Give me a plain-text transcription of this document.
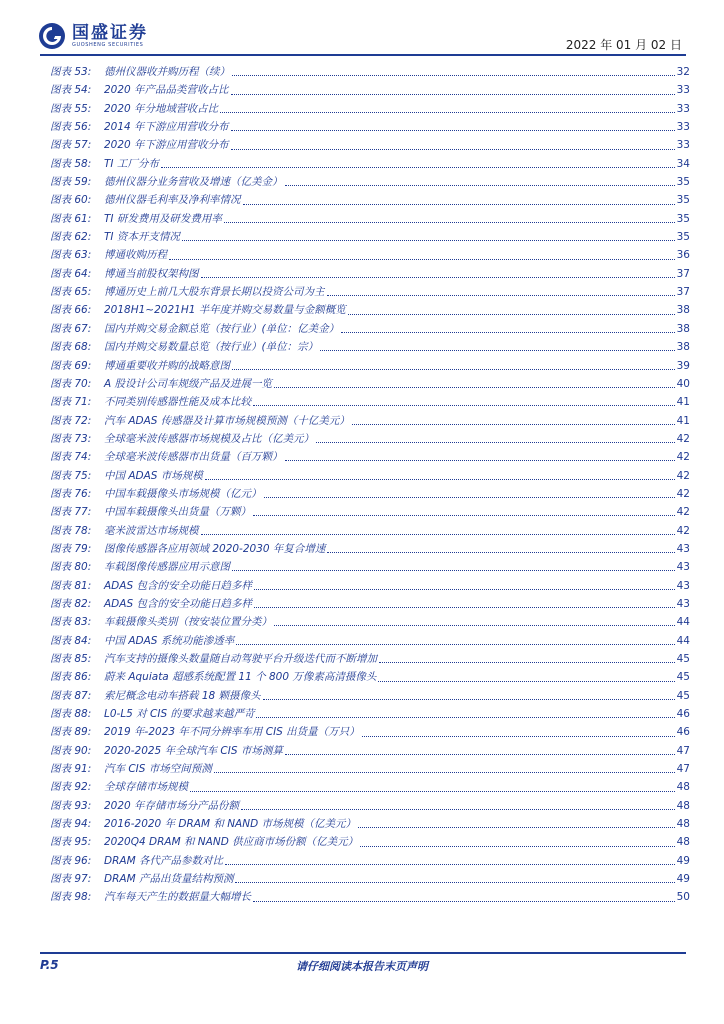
国盛证券
GUOSHENG SECURITIES	2022 年 01 月 02 日
图表 53:	德州仪器收并购历程（续）	32
图表 54:	2020 年产品品类营收占比	33
图表 55:	2020 年分地域营收占比	33
图表 56:	2014 年下游应用营收分布	33
图表 57:	2020 年下游应用营收分布	33
图表 58:	TI 工厂分布	34
图表 59:	德州仪器分业务营收及增速（亿美金）	35
图表 60:	德州仪器毛利率及净利率情况	35
图表 61:	TI 研发费用及研发费用率	35
图表 62:	TI 资本开支情况	35
图表 63:	博通收购历程	36
图表 64:	博通当前股权架构图	37
图表 65:	博通历史上前几大股东背景长期以投资公司为主	37
图表 66:	2018H1~2021H1 半年度并购交易数量与金额概览	38
图表 67:	国内并购交易金额总览（按行业）(单位：亿美金）	38
图表 68:	国内并购交易数量总览（按行业）(单位：宗）	38
图表 69:	博通重要收并购的战略意图	39
图表 70:	A 股设计公司车规级产品及进展一览	40
图表 71:	不同类别传感器性能及成本比较	41
图表 72:	汽车 ADAS 传感器及计算市场规模预测（十亿美元）	41
图表 73:	全球毫米波传感器市场规模及占比（亿美元）	42
图表 74:	全球毫米波传感器市出货量（百万颗）	42
图表 75:	中国 ADAS 市场规模	42
图表 76:	中国车载摄像头市场规模（亿元）	42
图表 77:	中国车载摄像头出货量（万颗）	42
图表 78:	毫米波雷达市场规模	42
图表 79:	图像传感器各应用领域 2020-2030 年复合增速	43
图表 80:	车载图像传感器应用示意图	43
图表 81:	ADAS 包含的安全功能日趋多样	43
图表 82:	ADAS 包含的安全功能日趋多样	43
图表 83:	车载摄像头类别（按安装位置分类）	44
图表 84:	中国 ADAS 系统功能渗透率	44
图表 85:	汽车支持的摄像头数量随自动驾驶平台升级迭代而不断增加	45
图表 86:	蔚来 Aquiata 超感系统配置 11 个 800 万像素高清摄像头	45
图表 87:	索尼概念电动车搭载 18 颗摄像头	45
图表 88:	L0-L5 对 CIS 的要求越来越严苛	46
图表 89:	2019 年-2023 年不同分辨率车用 CIS 出货量（万只）	46
图表 90:	2020-2025 年全球汽车 CIS 市场测算	47
图表 91:	汽车 CIS 市场空间预测	47
图表 92:	全球存储市场规模	48
图表 93:	2020 年存储市场分产品份额	48
图表 94:	2016-2020 年 DRAM 和 NAND 市场规模（亿美元）	48
图表 95:	2020Q4 DRAM 和 NAND 供应商市场份额（亿美元）	48
图表 96:	DRAM 各代产品参数对比	49
图表 97:	DRAM 产品出货量结构预测	49
图表 98:	汽车每天产生的数据量大幅增长	50
P.5	请仔细阅读本报告末页声明
